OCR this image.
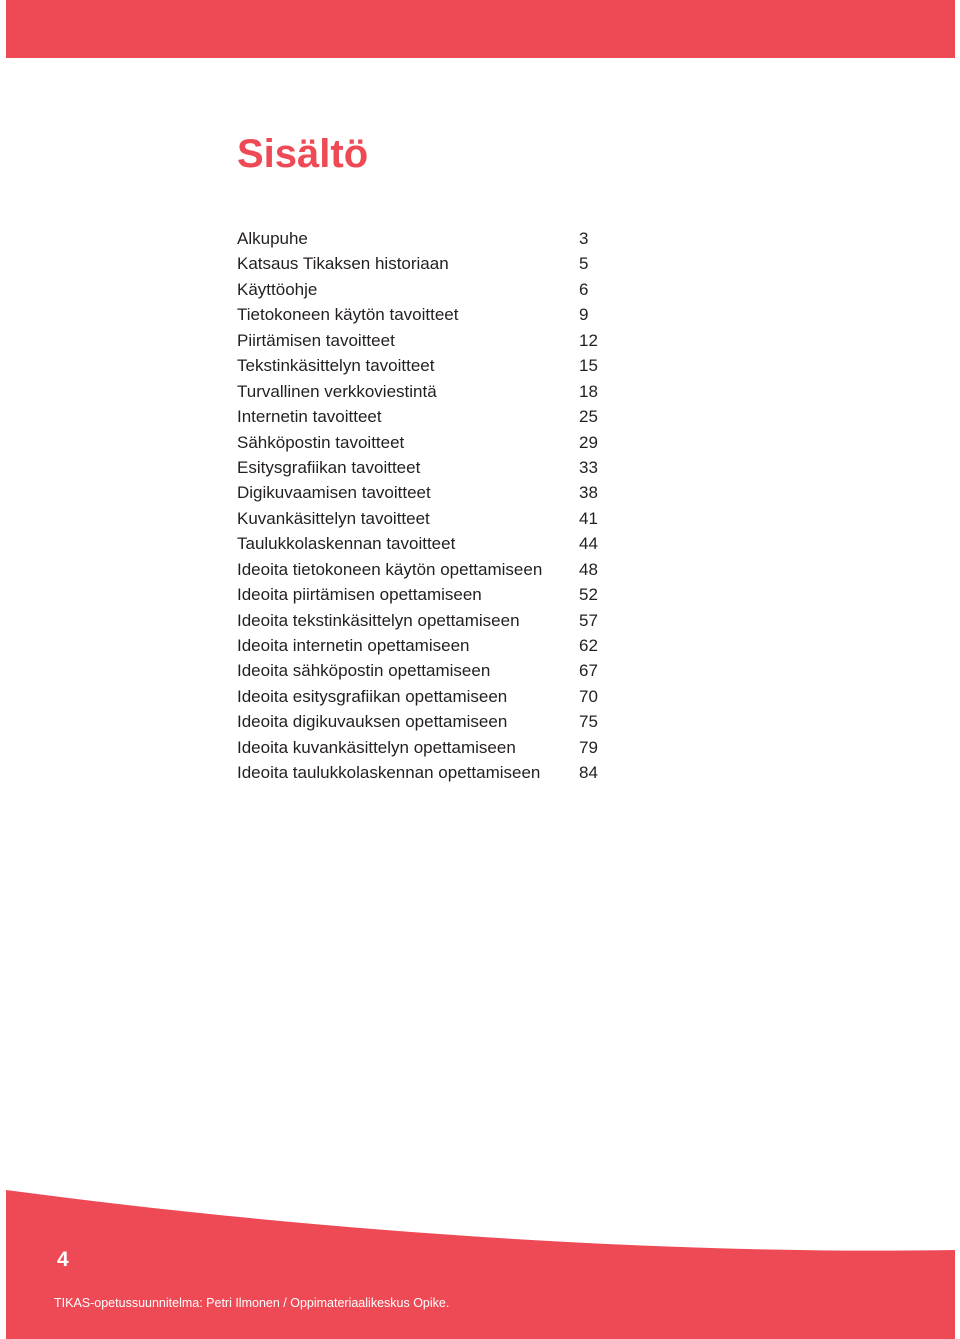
Sisältö
Alkupuhe	3
Katsaus Tikaksen historiaan	5
Käyttöohje	6
Tietokoneen käytön tavoitteet	9
Piirtämisen tavoitteet	12
Tekstinkäsittelyn tavoitteet	15
Turvallinen verkkoviestintä	18
Internetin tavoitteet	25
Sähköpostin tavoitteet	29
Esitysgrafiikan tavoitteet	33
Digikuvaamisen tavoitteet	38
Kuvankäsittelyn tavoitteet	41
Taulukkolaskennan tavoitteet	44
Ideoita tietokoneen käytön opettamiseen 48
Ideoita piirtämisen opettamiseen	52
Ideoita tekstinkäsittelyn opettamiseen	57
Ideoita internetin opettamiseen	62
Ideoita sähköpostin opettamiseen	67
Ideoita esitysgrafiikan opettamiseen	70
Ideoita digikuvauksen opettamiseen	75
Ideoita kuvankäsittelyn opettamiseen	79
Ideoita taulukkolaskennan opettamiseen 84

4

TIKAS-opetussuunnitelma: Petri Ilmonen / Oppimateriaalikeskus Opike.
